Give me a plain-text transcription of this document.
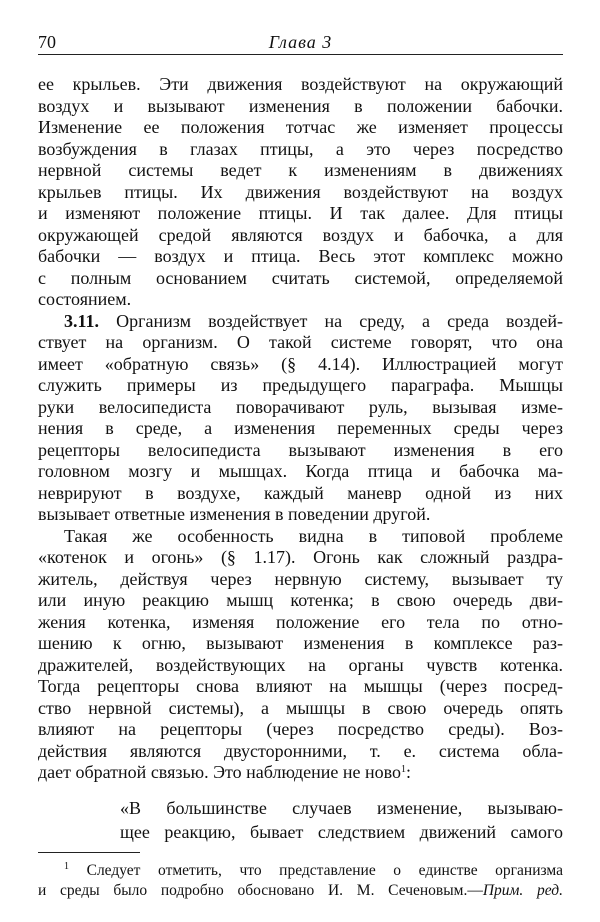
70	Глава 3
ее крыльев. Эти движения воздействуют на окружающий
воздух и вызывают изменения в положении бабочки.
Изменение ее положения тотчас же изменяет процессы
возбуждения в глазах птицы, а это через посредство
нервной системы ведет к изменениям в движениях
крыльев птицы. Их движения воздействуют на воздух
и изменяют положение птицы. И так далее. Для птицы
окружающей средой являются воздух и бабочка, а для
бабочки — воздух и птица. Весь этот комплекс можно
с полным основанием считать системой, определяемой
состоянием.
3.11. Организм воздействует на среду, а среда воздей-
ствует на организм. О такой системе говорят, что она
имеет «обратную связь» (§ 4.14). Иллюстрацией могут
служить примеры из предыдущего параграфа. Мышцы
руки велосипедиста поворачивают руль, вызывая изме-
нения в среде, а изменения переменных среды через
рецепторы велосипедиста вызывают изменения в его
головном мозгу и мышцах. Когда птица и бабочка ма-
неврируют в воздухе, каждый маневр одной из них
вызывает ответные изменения в поведении другой.
Такая же особенность видна в типовой проблеме
«котенок и огонь» (§ 1.17). Огонь как сложный раздра-
житель, действуя через нервную систему, вызывает ту
или иную реакцию мышц котенка; в свою очередь дви-
жения котенка, изменяя положение его тела по отно-
шению к огню, вызывают изменения в комплексе раз-
дражителей, воздействующих на органы чувств котенка.
Тогда рецепторы снова влияют на мышцы (через посред-
ство нервной системы), а мышцы в свою очередь опять
влияют на рецепторы (через посредство среды). Воз-
действия являются двусторонними, т. е. система обла-
дает обратной связью. Это наблюдение не ново$^1$:
«В большинстве случаев изменение, вызываю-
щее реакцию, бывает следствием движений самого
$^1$ Следует отметить, что представление о единстве организма
и среды было подробно обосновано И. М. Сеченовым.—Прим. ред.
